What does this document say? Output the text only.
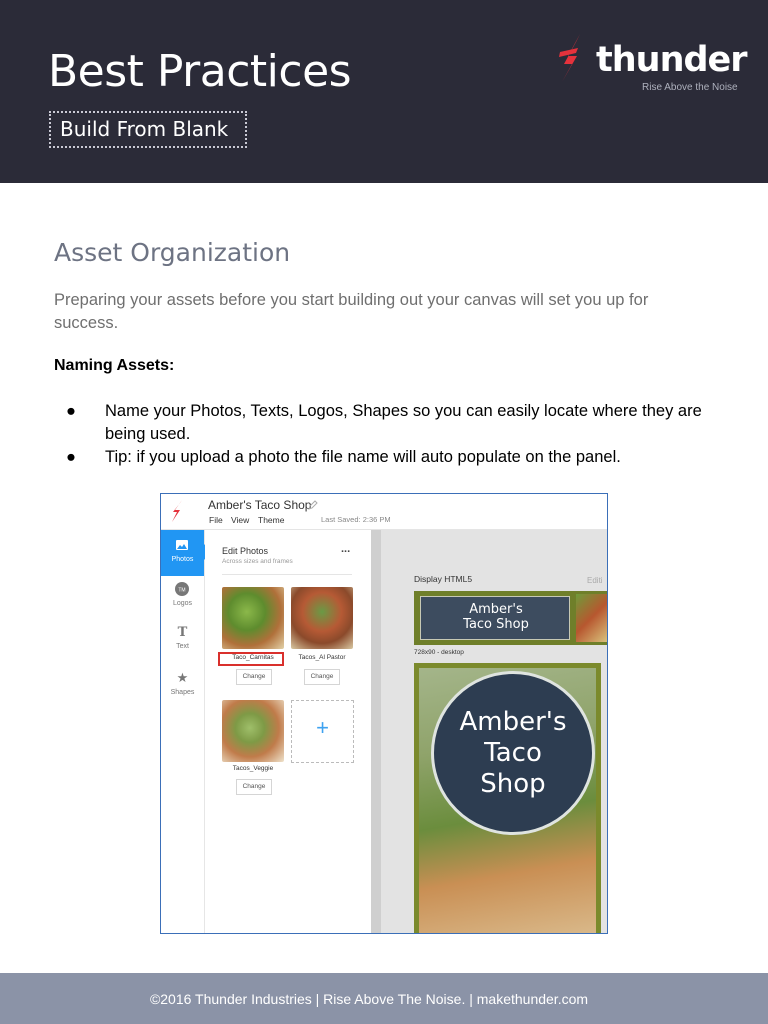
Best Practices
Build From Blank
thunder
Rise Above the Noise
Asset Organization
Preparing your assets before you start building out your canvas will set you up for success.
Naming Assets:
● Name your Photos, Texts, Logos, Shapes so you can easily locate where they are being used.
● Tip: if you upload a photo the file name will auto populate on the panel.
Amber's Taco Shop
File View Theme	Last Saved: 2:36 PM
Photos
TM
Logos
T
Text
★
Shapes
Edit Photos
Across sizes and frames
...
Taco_Carnitas
Change
Tacos_Al Pastor
Change
Tacos_Veggie
Change
+
Display HTML5	Editi
Amber's
Taco Shop
728x90 - desktop
Amber's
Taco
Shop
©2016 Thunder Industries | Rise Above The Noise. | makethunder.com
